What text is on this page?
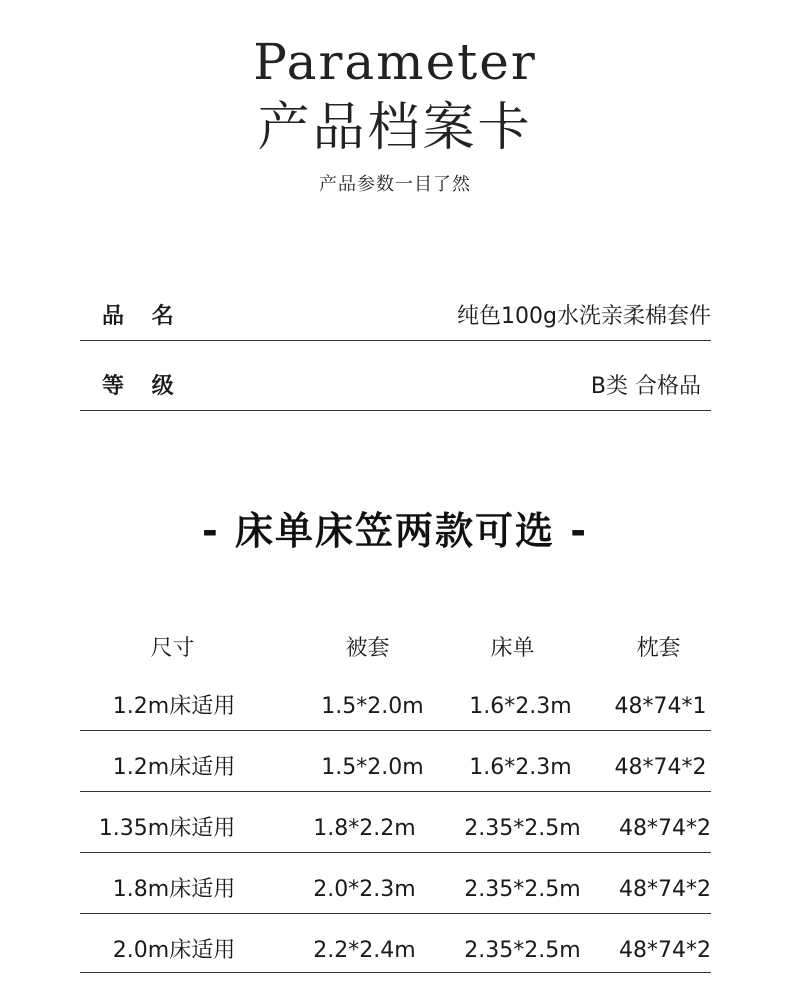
Parameter
产品档案卡
产品参数一目了然
品 名	纯色100g水洗亲柔棉套件
等 级	B类 合格品
- 床单床笠两款可选 -
尺寸	被套	床单	枕套
1.2m床适用	1.5*2.0m	1.6*2.3m	48*74*1
1.2m床适用	1.5*2.0m	1.6*2.3m	48*74*2
1.35m床适用	1.8*2.2m	2.35*2.5m	48*74*2
1.8m床适用	2.0*2.3m	2.35*2.5m	48*74*2
2.0m床适用	2.2*2.4m	2.35*2.5m	48*74*2
